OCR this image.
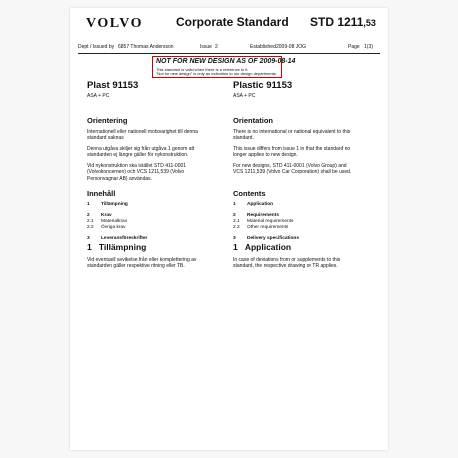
VOLVO	Corporate Standard STD 1211,53
Dept / Issued by 6857 Thomas Andersson	Issue 2	Established 2009-08 JOG	Page 1(3)
NOT FOR NEW DESIGN AS OF 2009-08-14
This standard is valid when there is a reference to it.
"Not for new design" is only an indication to our design departments.
Plast 91153
ASA + PC
Orientering
Internationell eller nationell motsvarighet till denna
standard saknas
Denna utgåva skiljer sig från utgåva 1 genom att
standarden ej längre gäller för nykonstruktion.
Vid nykonstruktion ska istället STD 411-0001
(Volvokoncernen) och VCS 1211,539 (Volvo
Personvagnar AB) användas.
Innehåll
1 Tillämpning
2 Krav
2.1 Materialkrav
2.2 Övriga krav
3 Leveransföreskrifter
1 Tillämpning
Vid eventuell avvikelse från eller komplettering av
standarden gäller respektive ritning eller TB.
Plastic 91153
ASA + PC
Orientation
There is no international or national equivalent to this
standard.
This issue differs from issue 1 in that the standard no
longer applies to new design.
For new designs, STD 411-0001 (Volvo Group) and
VCS 1211,539 (Volvo Car Corporation) shall be used.
Contents
1 Application
2 Requirements
2.1 Material requirements
2.2 Other requirements
3 Delivery specifications
1 Application
In case of deviations from or supplements to this
standard, the respective drawing or TR applies.
